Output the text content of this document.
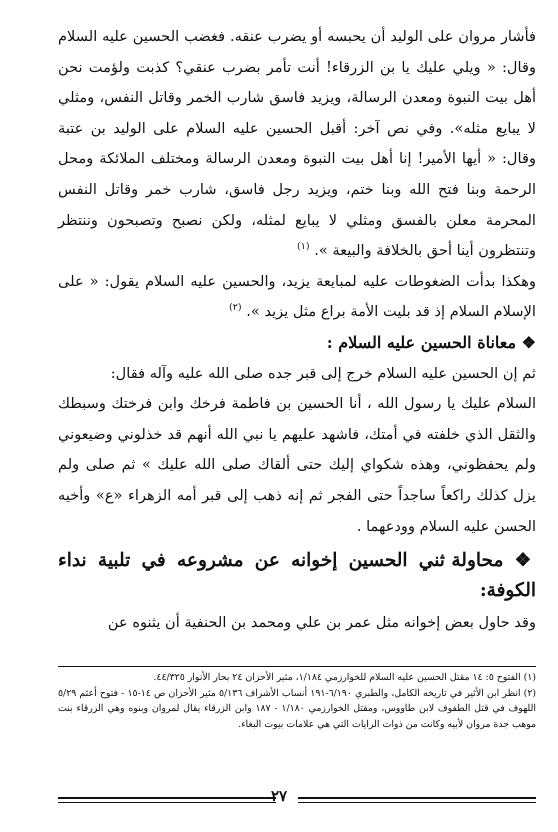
فأشار مروان على الوليد أن يحبسه أو يضرب عنقه. فغضب الحسين عليه السلام وقال: « ويلي عليك يا بن الزرقاء! أنت تأمر بضرب عنقي؟ كذبت ولؤمت نحن أهل بيت النبوة ومعدن الرسالة، ويزيد فاسق شارب الخمر وقاتل النفس، ومثلي لا يبايع مثله». وفي نص آخر: أقبل الحسين عليه السلام على الوليد بن عتبة وقال: « أيها الأمير! إنا أهل بيت النبوة ومعدن الرسالة ومختلف الملائكة ومحل الرحمة وبنا فتح الله وبنا ختم، ويزيد رجل فاسق، شارب خمر وقاتل النفس المحرمة معلن بالفسق ومثلي لا يبايع لمثله، ولكن نصبح وتصبحون وننتظر وتنتظرون أينا أحق بالخلافة والبيعة ». $^{(١)}$

وهكذا بدأت الضغوطات عليه لمبايعة يزيد، والحسين عليه السلام يقول: « على الإسلام السلام إذ قد بليت الأمة براع مثل يزيد ». $^{(٢)}$

❖ معاناة الحسين عليه السلام :

ثم إن الحسين عليه السلام خرج إلى قبر جده صلى الله عليه وآله فقال:

السلام عليك يا رسول الله ، أنا الحسين بن فاطمة فرخك وابن فرختك وسبطك والثقل الذي خلفته في أمتك، فاشهد عليهم يا نبي الله أنهم قد خذلوني وضيعوني ولم يحفظوني، وهذه شكواي إليك حتى ألقاك صلى الله عليك » ثم صلى ولم يزل كذلك راكعاً ساجداً حتى الفجر ثم إنه ذهب إلى قبر أمه الزهراء «ع» وأخيه الحسن عليه السلام وودعهما .

❖ محاولة ثني الحسين إخوانه عن مشروعه في تلبية نداء الكوفة:

وقد حاول بعض إخوانه مثل عمر بن علي ومحمد بن الحنفية أن يثنوه عن

(١) الفتوح ٥: ١٤ مقتل الحسين عليه السلام للخوارزمي ١/١٨٤، مثير الأحزان ٢٤ بحار الأنوار ٤٤/٣٢٥.

(٢) انظر ابن الأثير في تاريخه الكامل، والطبري ٦/١٩٠-١٩١ أنساب الأشراف ٥/١٣٦ مثير الأحزان ص ١٤-١٥ - فتوح أعثم ٥/٢٩ اللهوف في قتل الطفوف لابن طاووس، ومقتل الخوارزمي ١/١٨٠ - ١٨٧ وابن الزرقاء يقال لمروان وبنوه وهي الزرقاء بنت موهب جدة مروان لأبيه وكانت من ذوات الرايات التي هي علامات بيوت البغاء.

٢٧
